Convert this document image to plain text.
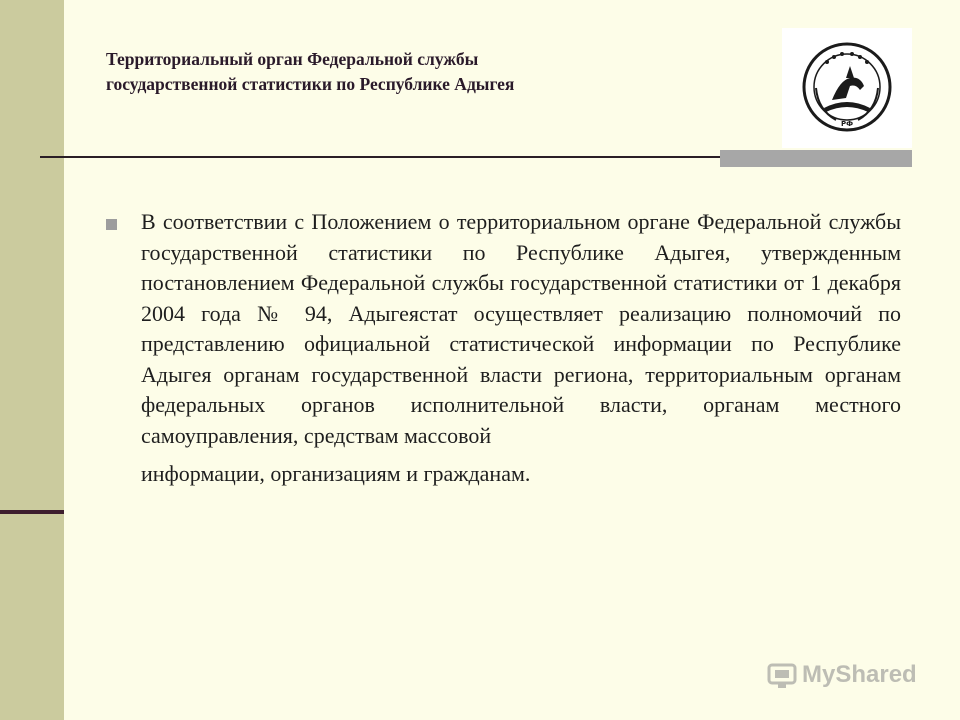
Территориальный орган Федеральной службы
государственной статистики по Республике Адыгея
РФ
В соответствии с Положением о территориальном органе Федеральной службы государственной статистики по Республике Адыгея, утвержденным постановлением Федеральной службы государственной статистики от 1 декабря 2004 года № 94, Адыгеястат осуществляет реализацию полномочий по представлению официальной статистической информации по Республике Адыгея органам государственной власти региона, территориальным органам федеральных органов исполнительной власти, органам местного самоуправления, средствам массовой
информации, организациям и гражданам.
MyShared
